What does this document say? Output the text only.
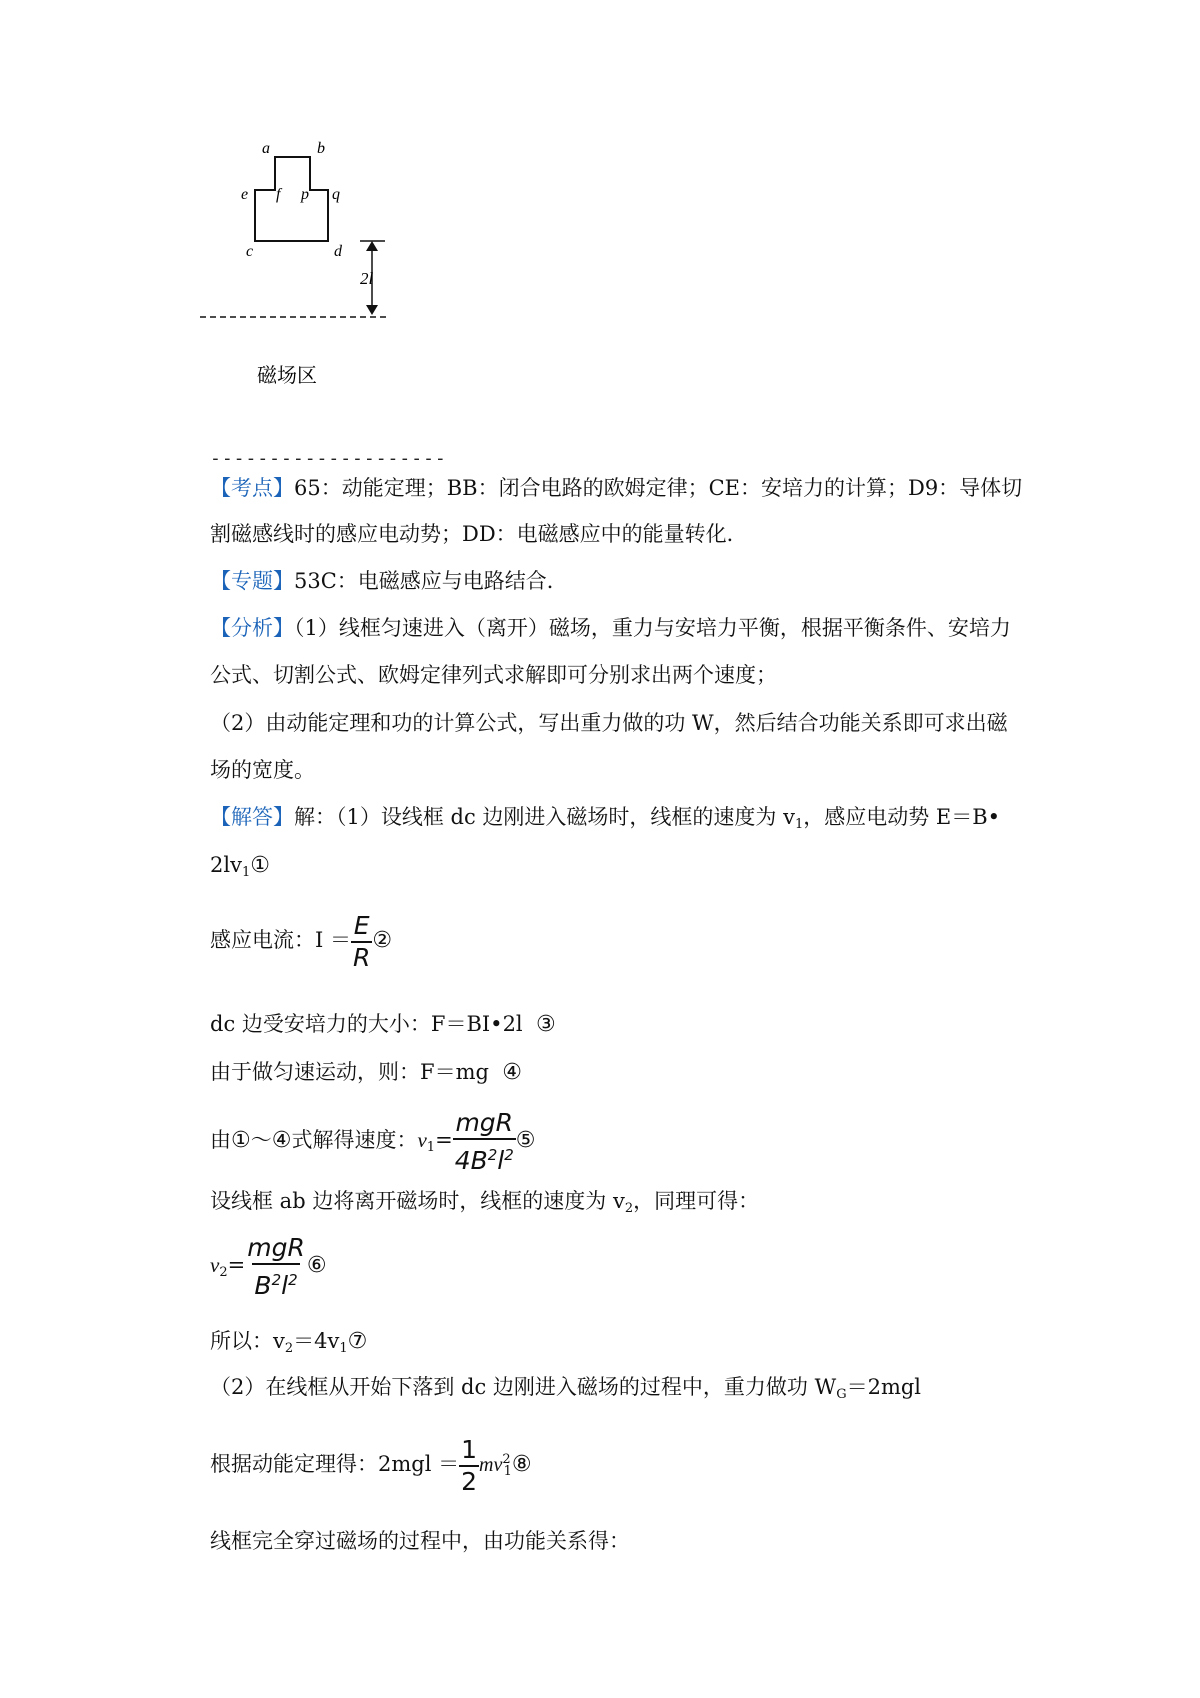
a	b
e f p q
c	d
2l
磁场区
--------------------
【考点】65：动能定理；BB：闭合电路的欧姆定律；CE：安培力的计算；D9：导体切
割磁感线时的感应电动势；DD：电磁感应中的能量转化．
【专题】53C：电磁感应与电路结合．
【分析】（1）线框匀速进入（离开）磁场，重力与安培力平衡，根据平衡条件、安培力
公式、切割公式、欧姆定律列式求解即可分别求出两个速度；
（2）由动能定理和功的计算公式，写出重力做的功 W，然后结合功能关系即可求出磁
场的宽度。
【解答】解：（1）设线框 dc 边刚进入磁场时，线框的速度为 $v_1$，感应电动势 E＝B•
$2lv_1①$
感应电流：$I = \frac{E}{R}$ ②
dc 边受安培力的大小：F＝BI•2l ③
由于做匀速运动，则：F＝mg ④
由①～④式解得速度：$v_1= \frac{\text{mgR}}{4B^2l^2}$ ⑤
设线框 ab 边将离开磁场时，线框的速度为 $v_2$，同理可得：
$v_2= \frac{\text{mgR}}{B^2l^2}$ ⑥
所以：$v_2=4v_1⑦$
（2）在线框从开始下落到 dc 边刚进入磁场的过程中，重力做功 $W_G=2mgl$
根据动能定理得：$2mgl = \frac{1}{2}$ $mv^2_1⑧$
线框完全穿过磁场的过程中，由功能关系得：
